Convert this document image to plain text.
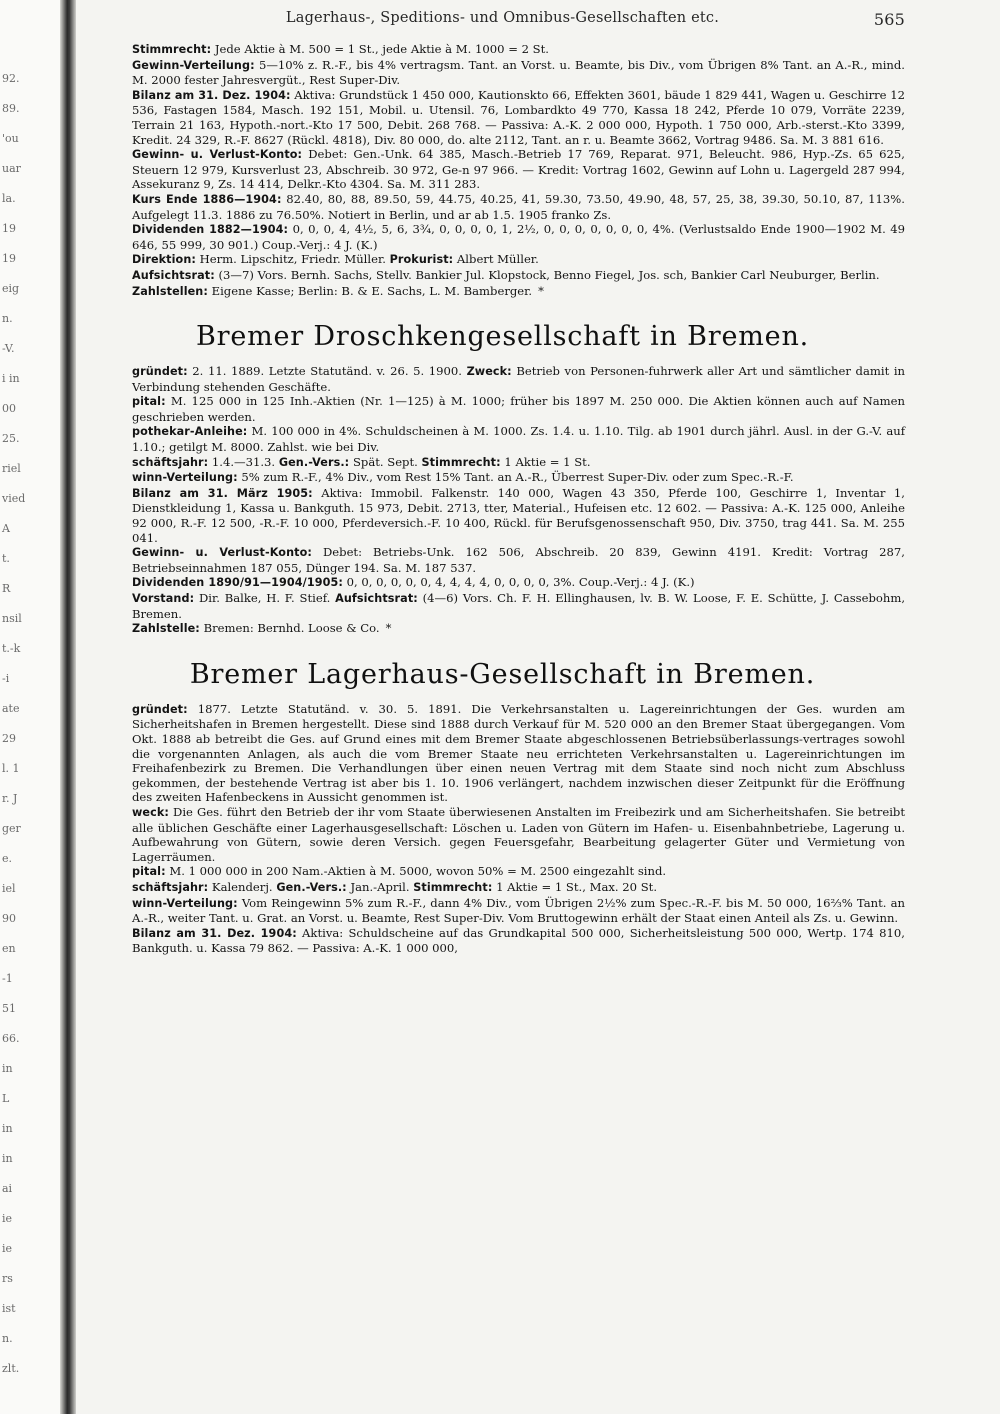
92.
89.
'ou
uar
la.
19
19
eig
n.
-V.
i in
00
25.
riel
vied
A
t.
R
nsil
t.-k
-i
ate
29
l. 1
r. J
ger
e.
iel
90
en
-1
51
66.
in
L
in
in
ai
ie
ie
rs
ist
n.
zlt.
Lagerhaus-, Speditions- und Omnibus-Gesellschaften etc.	565
Stimmrecht: Jede Aktie à M. 500 = 1 St., jede Aktie à M. 1000 = 2 St.
Gewinn-Verteilung: 5—10% z. R.-F., bis 4% vertragsm. Tant. an Vorst. u. Beamte, bis Div., vom Übrigen 8% Tant. an A.-R., mind. M. 2000 fester Jahresvergüt., Rest Super-Div.
Bilanz am 31. Dez. 1904: Aktiva: Grundstück 1 450 000, Kautionskto 66, Effekten 3601, bäude 1 829 441, Wagen u. Geschirre 12 536, Fastagen 1584, Masch. 192 151, Mobil. u. Utensil. 76, Lombardkto 49 770, Kassa 18 242, Pferde 10 079, Vorräte 2239, Terrain 21 163, Hypoth.-nort.-Kto 17 500, Debit. 268 768. — Passiva: A.-K. 2 000 000, Hypoth. 1 750 000, Arb.-sterst.-Kto 3399, Kredit. 24 329, R.-F. 8627 (Rückl. 4818), Div. 80 000, do. alte 2112, Tant. an r. u. Beamte 3662, Vortrag 9486. Sa. M. 3 881 616.
Gewinn- u. Verlust-Konto: Debet: Gen.-Unk. 64 385, Masch.-Betrieb 17 769, Reparat. 971, Beleucht. 986, Hyp.-Zs. 65 625, Steuern 12 979, Kursverlust 23, Abschreib. 30 972, Ge-n 97 966. — Kredit: Vortrag 1602, Gewinn auf Lohn u. Lagergeld 287 994, Assekuranz 9, Zs. 14 414, Delkr.-Kto 4304. Sa. M. 311 283.
Kurs Ende 1886—1904: 82.40, 80, 88, 89.50, 59, 44.75, 40.25, 41, 59.30, 73.50, 49.90, 48, 57, 25, 38, 39.30, 50.10, 87, 113%. Aufgelegt 11.3. 1886 zu 76.50%. Notiert in Berlin, und ar ab 1.5. 1905 franko Zs.
Dividenden 1882—1904: 0, 0, 0, 4, 4½, 5, 6, 3¾, 0, 0, 0, 0, 1, 2½, 0, 0, 0, 0, 0, 0, 0, 4%. (Verlustsaldo Ende 1900—1902 M. 49 646, 55 999, 30 901.) Coup.-Verj.: 4 J. (K.)
Direktion: Herm. Lipschitz, Friedr. Müller. Prokurist: Albert Müller.
Aufsichtsrat: (3—7) Vors. Bernh. Sachs, Stellv. Bankier Jul. Klopstock, Benno Fiegel, Jos. sch, Bankier Carl Neuburger, Berlin.
Zahlstellen: Eigene Kasse; Berlin: B. & E. Sachs, L. M. Bamberger. *
Bremer Droschkengesellschaft in Bremen.
gründet: 2. 11. 1889. Letzte Statutänd. v. 26. 5. 1900. Zweck: Betrieb von Personen-fuhrwerk aller Art und sämtlicher damit in Verbindung stehenden Geschäfte.
pital: M. 125 000 in 125 Inh.-Aktien (Nr. 1—125) à M. 1000; früher bis 1897 M. 250 000. Die Aktien können auch auf Namen geschrieben werden.
pothekar-Anleihe: M. 100 000 in 4%. Schuldscheinen à M. 1000. Zs. 1.4. u. 1.10. Tilg. ab 1901 durch jährl. Ausl. in der G.-V. auf 1.10.; getilgt M. 8000. Zahlst. wie bei Div.
schäftsjahr: 1.4.—31.3. Gen.-Vers.: Spät. Sept. Stimmrecht: 1 Aktie = 1 St.
winn-Verteilung: 5% zum R.-F., 4% Div., vom Rest 15% Tant. an A.-R., Überrest Super-Div. oder zum Spec.-R.-F.
Bilanz am 31. März 1905: Aktiva: Immobil. Falkenstr. 140 000, Wagen 43 350, Pferde 100, Geschirre 1, Inventar 1, Dienstkleidung 1, Kassa u. Bankguth. 15 973, Debit. 2713, tter, Material., Hufeisen etc. 12 602. — Passiva: A.-K. 125 000, Anleihe 92 000, R.-F. 12 500, -R.-F. 10 000, Pferdeversich.-F. 10 400, Rückl. für Berufsgenossenschaft 950, Div. 3750, trag 441. Sa. M. 255 041.
Gewinn- u. Verlust-Konto: Debet: Betriebs-Unk. 162 506, Abschreib. 20 839, Gewinn 4191. Kredit: Vortrag 287, Betriebseinnahmen 187 055, Dünger 194. Sa. M. 187 537.
Dividenden 1890/91—1904/1905: 0, 0, 0, 0, 0, 0, 4, 4, 4, 4, 0, 0, 0, 0, 3%. Coup.-Verj.: 4 J. (K.)
Vorstand: Dir. Balke, H. F. Stief. Aufsichtsrat: (4—6) Vors. Ch. F. H. Ellinghausen, lv. B. W. Loose, F. E. Schütte, J. Cassebohm, Bremen.
Zahlstelle: Bremen: Bernhd. Loose & Co. *
Bremer Lagerhaus-Gesellschaft in Bremen.
gründet: 1877. Letzte Statutänd. v. 30. 5. 1891. Die Verkehrsanstalten u. Lagereinrichtungen der Ges. wurden am Sicherheitshafen in Bremen hergestellt. Diese sind 1888 durch Verkauf für M. 520 000 an den Bremer Staat übergegangen. Vom Okt. 1888 ab betreibt die Ges. auf Grund eines mit dem Bremer Staate abgeschlossenen Betriebsüberlassungs-vertrages sowohl die vorgenannten Anlagen, als auch die vom Bremer Staate neu errichteten Verkehrsanstalten u. Lagereinrichtungen im Freihafenbezirk zu Bremen. Die Verhandlungen über einen neuen Vertrag mit dem Staate sind noch nicht zum Abschluss gekommen, der bestehende Vertrag ist aber bis 1. 10. 1906 verlängert, nachdem inzwischen dieser Zeitpunkt für die Eröffnung des zweiten Hafenbeckens in Aussicht genommen ist.
weck: Die Ges. führt den Betrieb der ihr vom Staate überwiesenen Anstalten im Freibezirk und am Sicherheitshafen. Sie betreibt alle üblichen Geschäfte einer Lagerhausgesellschaft: Löschen u. Laden von Gütern im Hafen- u. Eisenbahnbetriebe, Lagerung u. Aufbewahrung von Gütern, sowie deren Versich. gegen Feuersgefahr, Bearbeitung gelagerter Güter und Vermietung von Lagerräumen.
pital: M. 1 000 000 in 200 Nam.-Aktien à M. 5000, wovon 50% = M. 2500 eingezahlt sind.
schäftsjahr: Kalenderj. Gen.-Vers.: Jan.-April. Stimmrecht: 1 Aktie = 1 St., Max. 20 St.
winn-Verteilung: Vom Reingewinn 5% zum R.-F., dann 4% Div., vom Übrigen 2½% zum Spec.-R.-F. bis M. 50 000, 16⅔% Tant. an A.-R., weiter Tant. u. Grat. an Vorst. u. Beamte, Rest Super-Div. Vom Bruttogewinn erhält der Staat einen Anteil als Zs. u. Gewinn.
Bilanz am 31. Dez. 1904: Aktiva: Schuldscheine auf das Grundkapital 500 000, Sicherheitsleistung 500 000, Wertp. 174 810, Bankguth. u. Kassa 79 862. — Passiva: A.-K. 1 000 000,
